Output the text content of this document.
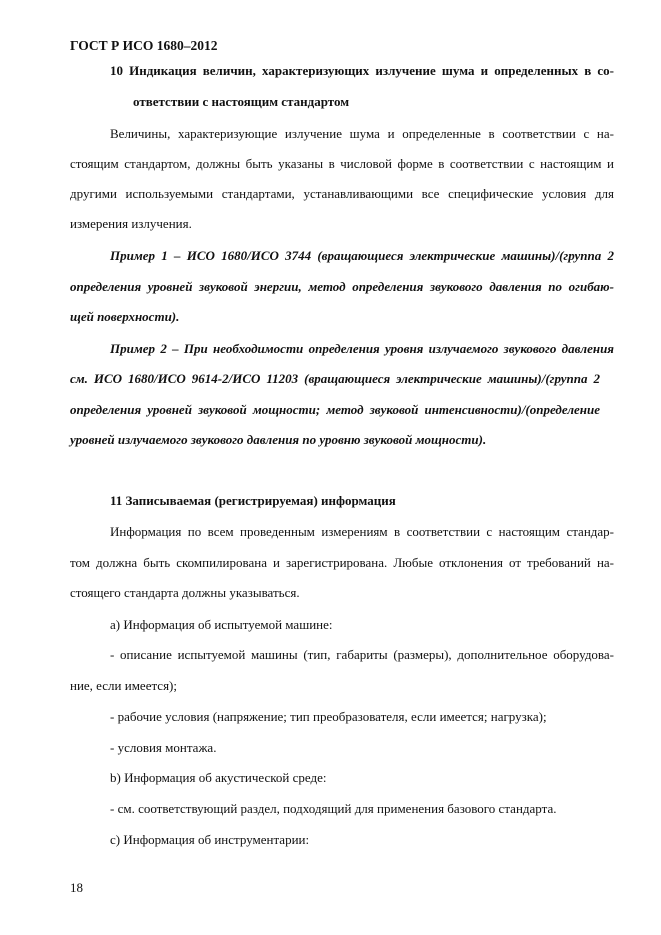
ГОСТ Р ИСО 1680–2012
10 Индикация величин, характеризующих излучение шума и определенных в со-
ответствии с настоящим стандартом
Величины, характеризующие излучение шума и определенные в соответствии с на-
стоящим стандартом, должны быть указаны в числовой форме в соответствии с настоящим и
другими используемыми стандартами, устанавливающими все специфические условия для
измерения излучения.
Пример 1 – ИСО 1680/ИСО 3744 (вращающиеся электрические машины)/(группа 2
определения уровней звуковой энергии, метод определения звукового давления по огибаю-
щей поверхности).
Пример 2 – При необходимости определения уровня излучаемого звукового давления
см. ИСО 1680/ИСО 9614-2/ИСО 11203 (вращающиеся электрические машины)/(группа 2
определения уровней звуковой мощности; метод звуковой интенсивности)/(определение
уровней излучаемого звукового давления по уровню звуковой мощности).
11 Записываемая (регистрируемая) информация
Информация по всем проведенным измерениям в соответствии с настоящим стандар-
том должна быть скомпилирована и зарегистрирована. Любые отклонения от требований на-
стоящего стандарта должны указываться.
а) Информация об испытуемой машине:
- описание испытуемой машины (тип, габариты (размеры), дополнительное оборудова-
ние, если имеется);
- рабочие условия (напряжение; тип преобразователя, если имеется; нагрузка);
- условия монтажа.
b) Информация об акустической среде:
- см. соответствующий раздел, подходящий для применения базового стандарта.
c) Информация об инструментарии:
18
